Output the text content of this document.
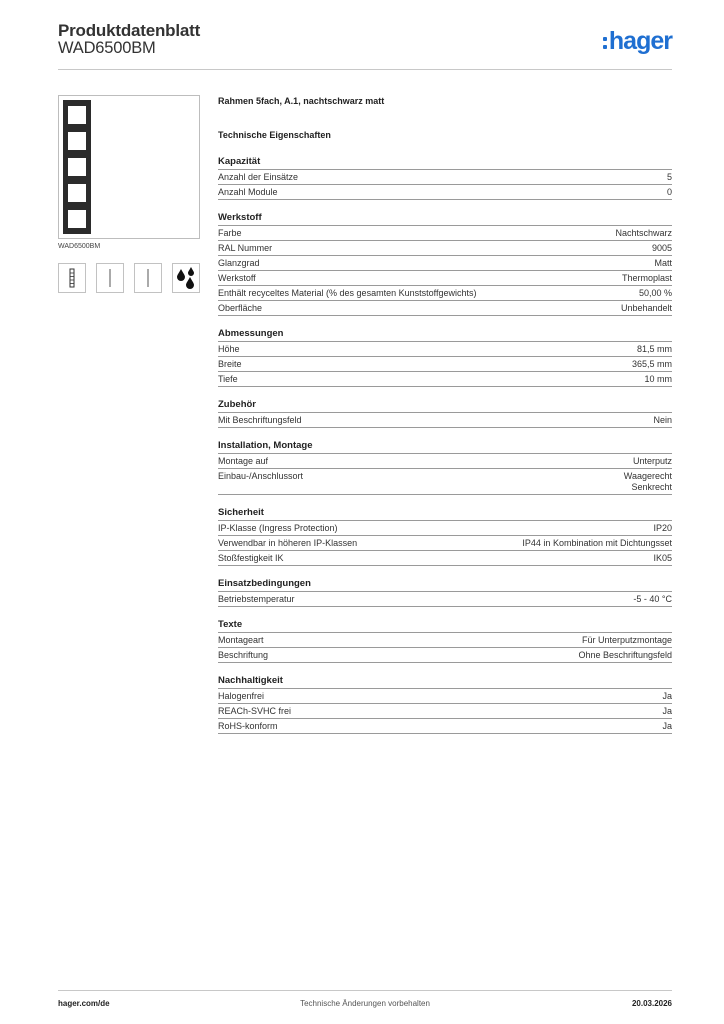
Produktdatenblatt
WAD6500BM	hager
WAD6500BM
Rahmen 5fach, A.1, nachtschwarz matt
Technische Eigenschaften
Kapazität
Anzahl der Einsätze	5
Anzahl Module	0
Werkstoff
Farbe	Nachtschwarz
RAL Nummer	9005
Glanzgrad	Matt
Werkstoff	Thermoplast
Enthält recyceltes Material (% des gesamten Kunststoffgewichts)	50,00 %
Oberfläche	Unbehandelt
Abmessungen
Höhe	81,5 mm
Breite	365,5 mm
Tiefe	10 mm
Zubehör
Mit Beschriftungsfeld	Nein
Installation, Montage
Montage auf	Unterputz
Einbau-/Anschlussort	Waagerecht
Senkrecht
Sicherheit
IP-Klasse (Ingress Protection)	IP20
Verwendbar in höheren IP-Klassen	IP44 in Kombination mit Dichtungsset
Stoßfestigkeit IK	IK05
Einsatzbedingungen
Betriebstemperatur	-5 - 40 °C
Texte
Montageart	Für Unterputzmontage
Beschriftung	Ohne Beschriftungsfeld
Nachhaltigkeit
Halogenfrei	Ja
REACh-SVHC frei	Ja
RoHS-konform	Ja
hager.com/de	Technische Änderungen vorbehalten	20.03.2026
